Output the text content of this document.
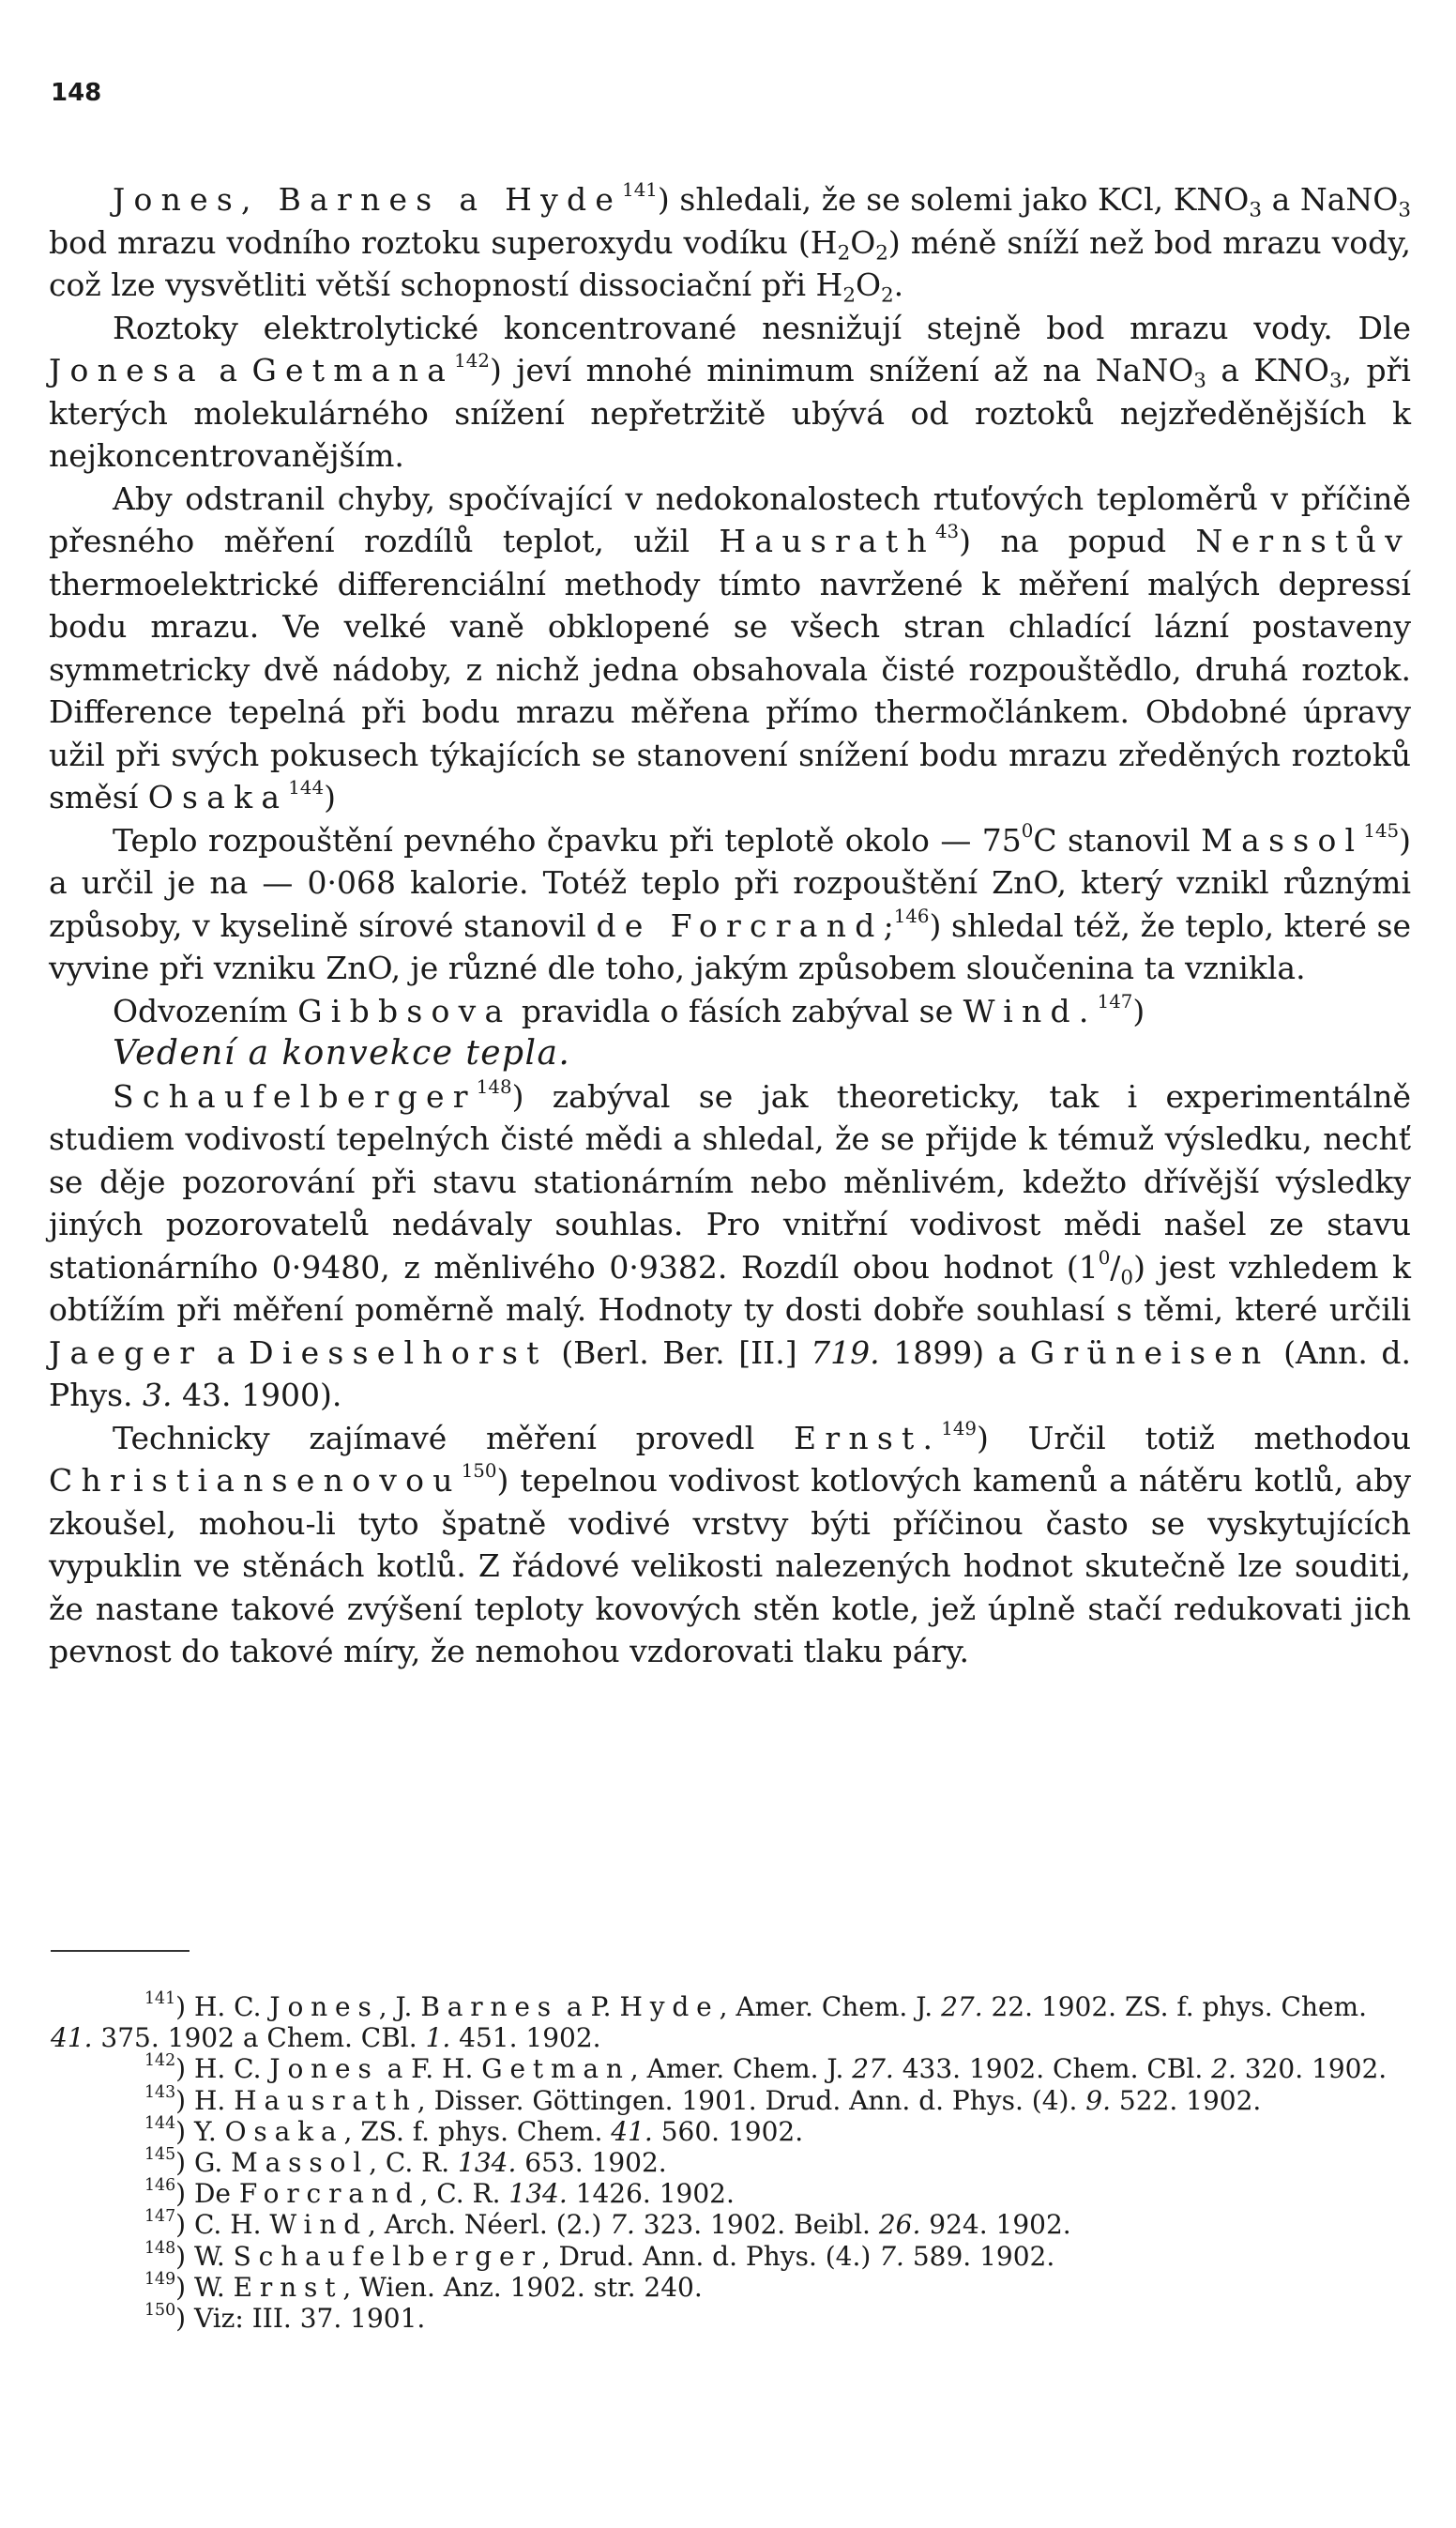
148

Jones, Barnes a Hyde$^{141}$) shledali, že se solemi jako KCl, $KNO_3$ a NaNO$_3$ bod mrazu vodního roztoku superoxydu vodíku $(H_2O_2)$ méně sníží než bod mrazu vody, což lze vysvětliti větší schopností dissociační při $H_2O_2$.

Roztoky elektrolytické koncentrované nesnižují stejně bod mrazu vody. Dle Jonesa a Getmana$^{142}$) jeví mnohé minimum snížení až na NaNO$_3$ a $KNO_3$, při kterých molekulárného snížení nepřetržitě ubývá od roztoků nejzředěnějších k nejkoncentrovanějším.

Aby odstranil chyby, spočívající v nedokonalostech rtuťových teploměrů v příčině přesného měření rozdílů teplot, užil Hausrath$^{43}$) na popud Nernstův thermoelektrické differenciální methody tímto navržené k měření malých depressí bodu mrazu. Ve velké vaně obklopené se všech stran chladící lázní postaveny symmetricky dvě nádoby, z nichž jedna obsahovala čisté rozpouštědlo, druhá roztok. Difference tepelná při bodu mrazu měřena přímo thermočlánkem. Obdobné úpravy užil při svých pokusech týkajících se stanovení snížení bodu mrazu zředěných roztoků směsí Osaka$^{144}$)

Teplo rozpouštění pevného čpavku při teplotě okolo — $75^0C$ stanovil Massol$^{145}$) a určil je na — 0·068 kalorie. Totéž teplo při rozpouštění ZnO, který vznikl různými způsoby, v kyselině sírové stanovil de Forcrand;$^{146}$) shledal též, že teplo, které se vyvine při vzniku ZnO, je různé dle toho, jakým způsobem sloučenina ta vznikla.

Odvozením Gibbsova pravidla o fásích zabýval se Wind.$^{147}$)

Vedení a konvekce tepla.

Schaufelberger$^{148}$) zabýval se jak theoreticky, tak i experimentálně studiem vodivostí tepelných čisté mědi a shledal, že se přijde k témuž výsledku, nechť se děje pozorování při stavu stationárním nebo měnlivém, kdežto dřívější výsledky jiných pozorovatelů nedávaly souhlas. Pro vnitřní vodivost mědi našel ze stavu stationárního 0·9480, z měnlivého 0·9382. Rozdíl obou hodnot $(1^0/_0)$ jest vzhledem k obtížím při měření poměrně malý. Hodnoty ty dosti dobře souhlasí s těmi, které určili Jaeger a Diesselhorst (Berl. Ber. [II.] 719. 1899) a Grüneisen (Ann. d. Phys. 3. 43. 1900).

Technicky zajímavé měření provedl Ernst.$^{149}$) Určil totiž methodou Christiansenovou$^{150}$) tepelnou vodivost kotlových kamenů a nátěru kotlů, aby zkoušel, mohou-li tyto špatně vodivé vrstvy býti příčinou často se vyskytujících vypuklin ve stěnách kotlů. Z řádové velikosti nalezených hodnot skutečně lze souditi, že nastane takové zvýšení teploty kovových stěn kotle, jež úplně stačí redukovati jich pevnost do takové míry, že nemohou vzdorovati tlaku páry.

$^{141}$) H. C. Jones, J. Barnes a P. Hyde, Amer. Chem. J. 27. 22. 1902. ZS. f. phys. Chem. 41. 375. 1902 a Chem. CBl. 1. 451. 1902.

$^{142}$) H. C. Jones a F. H. Getman, Amer. Chem. J. 27. 433. 1902. Chem. CBl. 2. 320. 1902.

$^{143}$) H. Hausrath, Disser. Göttingen. 1901. Drud. Ann. d. Phys. (4). 9. 522. 1902.

$^{144}$) Y. Osaka, ZS. f. phys. Chem. 41. 560. 1902.

$^{145}$) G. Massol, C. R. 134. 653. 1902.

$^{146}$) De Forcrand, C. R. 134. 1426. 1902.

$^{147}$) C. H. Wind, Arch. Néerl. (2.) 7. 323. 1902. Beibl. 26. 924. 1902.

$^{148}$) W. Schaufelberger, Drud. Ann. d. Phys. (4.) 7. 589. 1902.

$^{149}$) W. Ernst, Wien. Anz. 1902. str. 240.

$^{150}$) Viz: III. 37. 1901.
